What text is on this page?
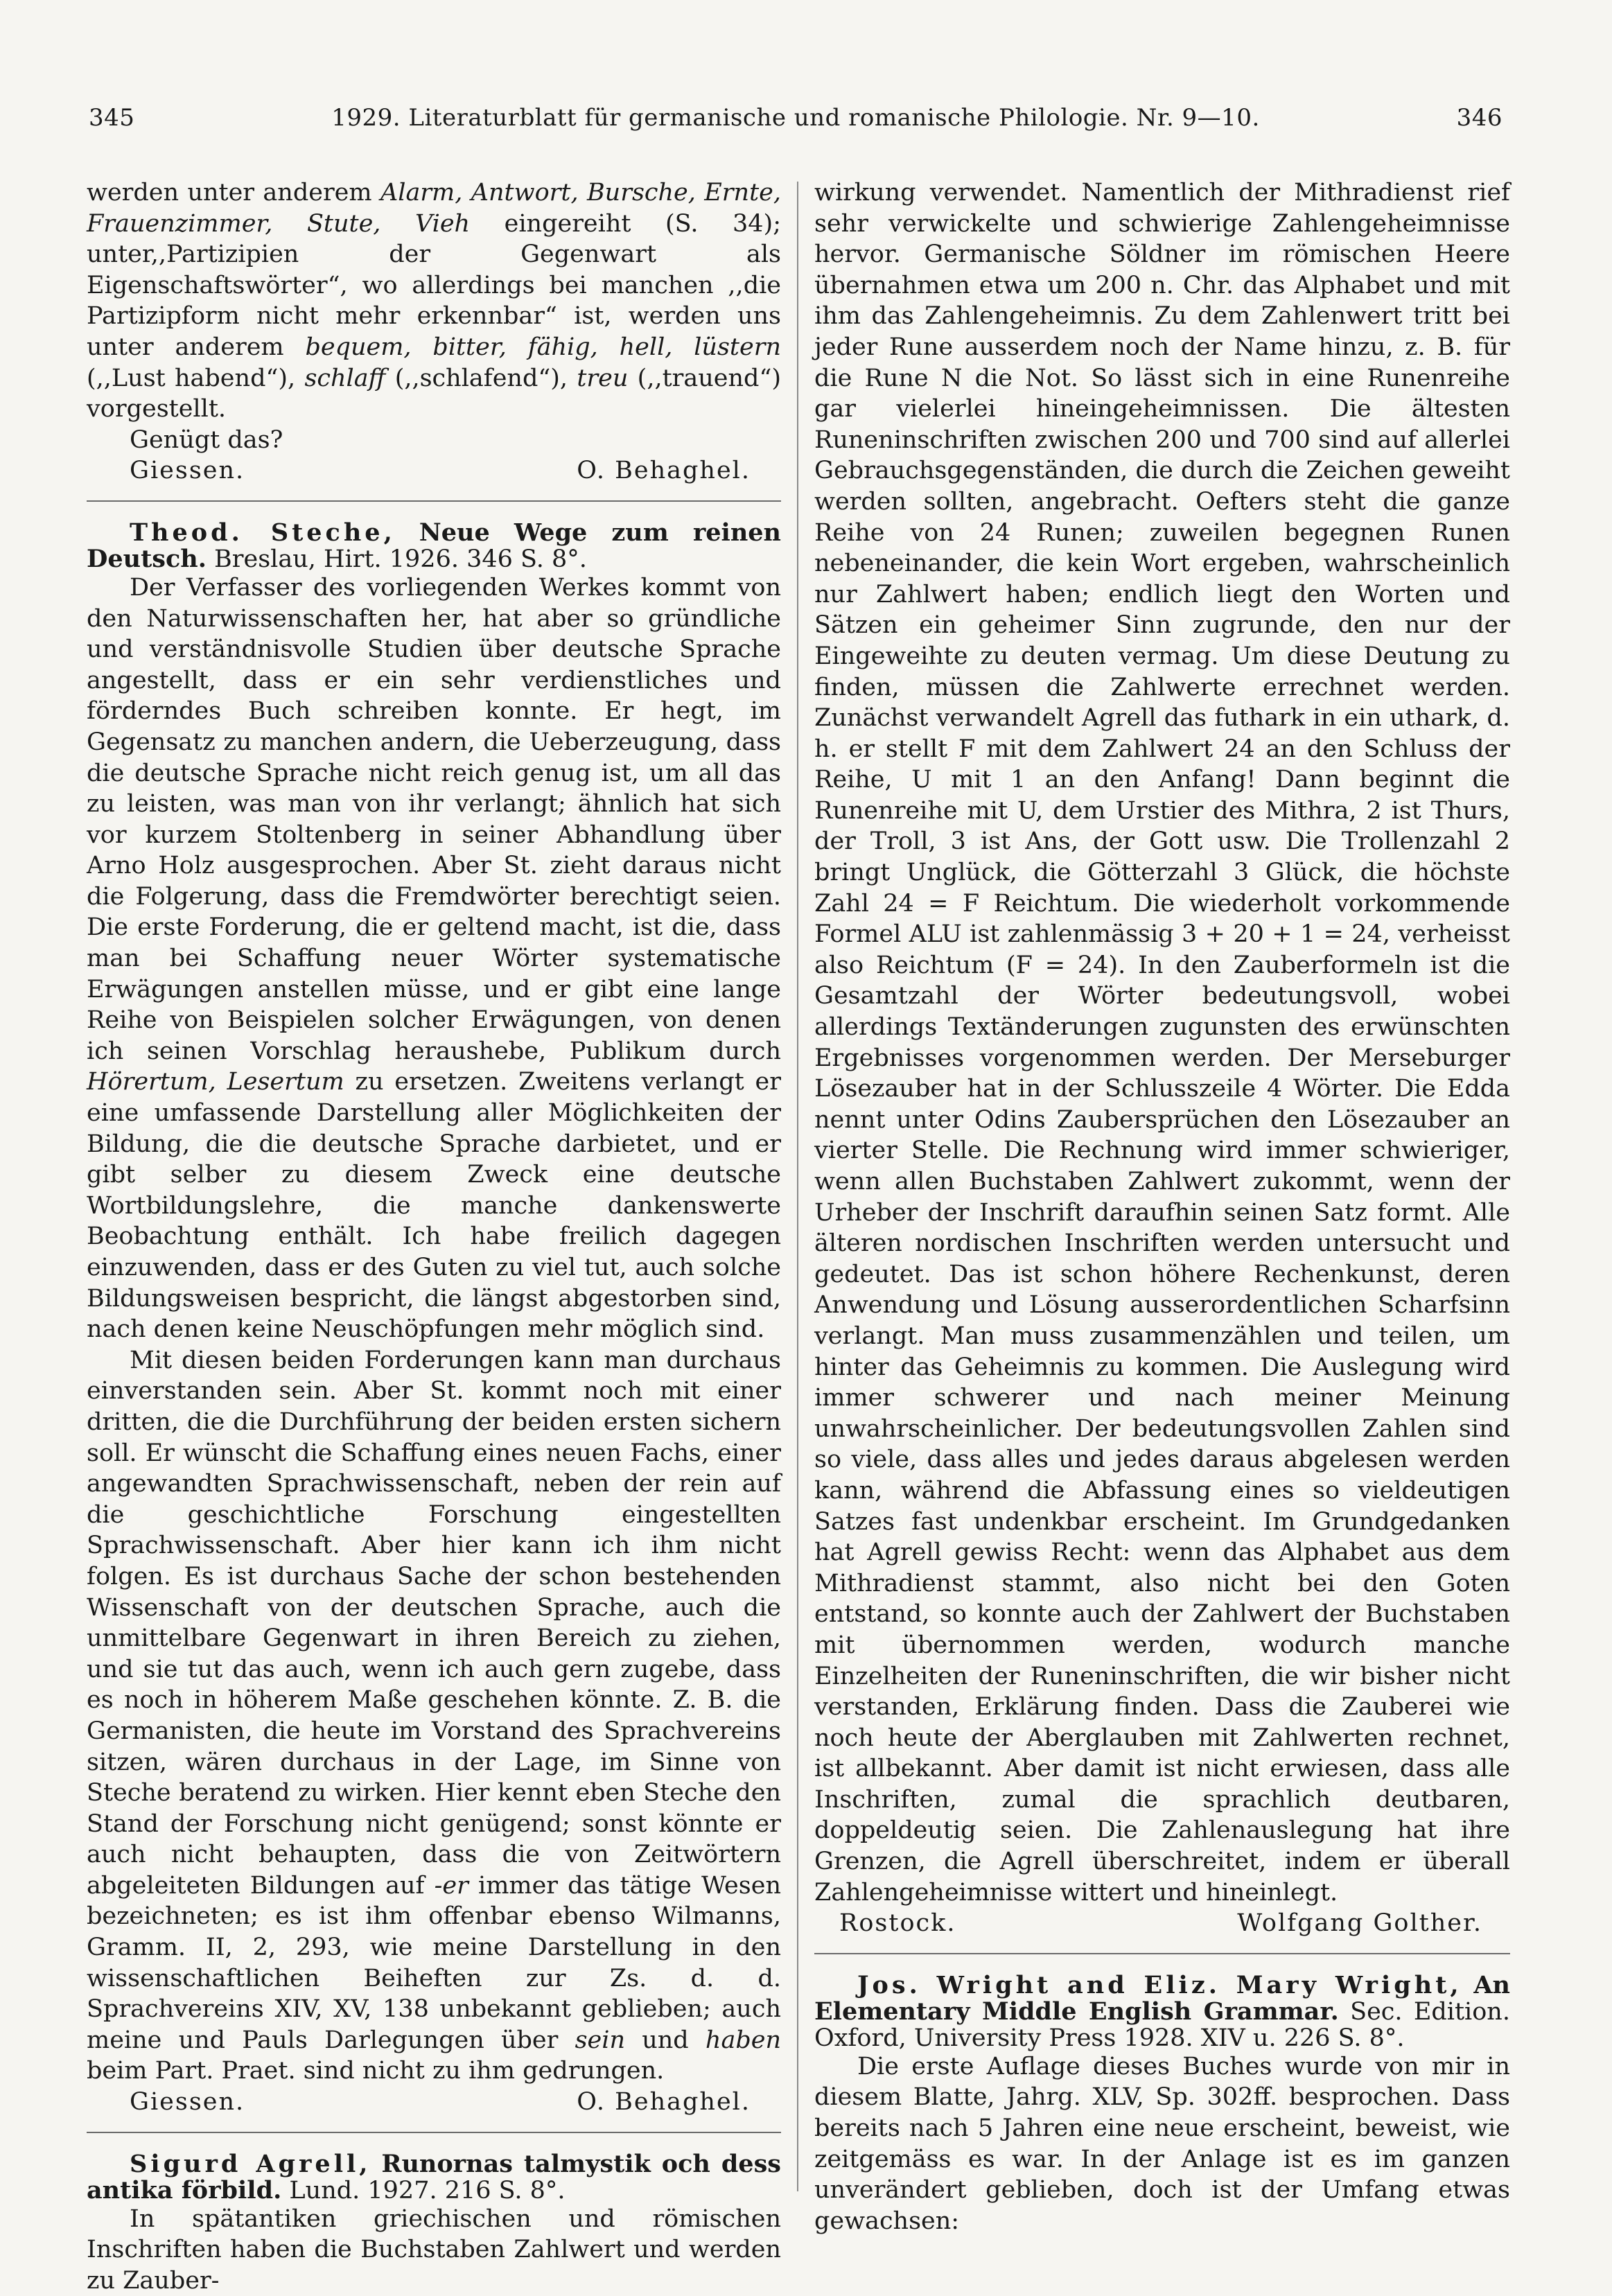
345	1929. Literaturblatt für germanische und romanische Philologie. Nr. 9—10.	346

werden unter anderem Alarm, Antwort, Bursche, Ernte, Frauenzimmer, Stute, Vieh eingereiht (S. 34); unter,,Partizipien der Gegenwart als Eigenschaftswörter“, wo allerdings bei manchen ,,die Partizipform nicht mehr erkennbar“ ist, werden uns unter anderem bequem, bitter, fähig, hell, lüstern (,,Lust habend“), schlaff (,,schlafend“), treu (,,trauend“) vorgestellt.

Genügt das?

Giessen.	O. Behaghel.

Theod. Steche, Neue Wege zum reinen Deutsch. Breslau, Hirt. 1926. 346 S. 8°.

Der Verfasser des vorliegenden Werkes kommt von den Naturwissenschaften her, hat aber so gründliche und verständnisvolle Studien über deutsche Sprache angestellt, dass er ein sehr verdienstliches und förderndes Buch schreiben konnte. Er hegt, im Gegensatz zu manchen andern, die Ueberzeugung, dass die deutsche Sprache nicht reich genug ist, um all das zu leisten, was man von ihr verlangt; ähnlich hat sich vor kurzem Stoltenberg in seiner Abhandlung über Arno Holz ausgesprochen. Aber St. zieht daraus nicht die Folgerung, dass die Fremdwörter berechtigt seien. Die erste Forderung, die er geltend macht, ist die, dass man bei Schaffung neuer Wörter systematische Erwägungen anstellen müsse, und er gibt eine lange Reihe von Beispielen solcher Erwägungen, von denen ich seinen Vorschlag heraushebe, Publikum durch Hörertum, Lesertum zu ersetzen. Zweitens verlangt er eine umfassende Darstellung aller Möglichkeiten der Bildung, die die deutsche Sprache darbietet, und er gibt selber zu diesem Zweck eine deutsche Wortbildungslehre, die manche dankenswerte Beobachtung enthält. Ich habe freilich dagegen einzuwenden, dass er des Guten zu viel tut, auch solche Bildungsweisen bespricht, die längst abgestorben sind, nach denen keine Neuschöpfungen mehr möglich sind.

Mit diesen beiden Forderungen kann man durchaus einverstanden sein. Aber St. kommt noch mit einer dritten, die die Durchführung der beiden ersten sichern soll. Er wünscht die Schaffung eines neuen Fachs, einer angewandten Sprachwissenschaft, neben der rein auf die geschichtliche Forschung eingestellten Sprachwissenschaft. Aber hier kann ich ihm nicht folgen. Es ist durchaus Sache der schon bestehenden Wissenschaft von der deutschen Sprache, auch die unmittelbare Gegenwart in ihren Bereich zu ziehen, und sie tut das auch, wenn ich auch gern zugebe, dass es noch in höherem Maße geschehen könnte. Z. B. die Germanisten, die heute im Vorstand des Sprachvereins sitzen, wären durchaus in der Lage, im Sinne von Steche beratend zu wirken. Hier kennt eben Steche den Stand der Forschung nicht genügend; sonst könnte er auch nicht behaupten, dass die von Zeitwörtern abgeleiteten Bildungen auf -er immer das tätige Wesen bezeichneten; es ist ihm offenbar ebenso Wilmanns, Gramm. II, 2, 293, wie meine Darstellung in den wissenschaftlichen Beiheften zur Zs. d. d. Sprachvereins XIV, XV, 138 unbekannt geblieben; auch meine und Pauls Darlegungen über sein und haben beim Part. Praet. sind nicht zu ihm gedrungen.

Giessen.	O. Behaghel.

Sigurd Agrell, Runornas talmystik och dess antika förbild. Lund. 1927. 216 S. 8°.

In spätantiken griechischen und römischen Inschriften haben die Buchstaben Zahlwert und werden zu Zauber-

wirkung verwendet. Namentlich der Mithradienst rief sehr verwickelte und schwierige Zahlengeheimnisse hervor. Germanische Söldner im römischen Heere übernahmen etwa um 200 n. Chr. das Alphabet und mit ihm das Zahlengeheimnis. Zu dem Zahlenwert tritt bei jeder Rune ausserdem noch der Name hinzu, z. B. für die Rune N die Not. So lässt sich in eine Runenreihe gar vielerlei hineingeheimnissen. Die ältesten Runeninschriften zwischen 200 und 700 sind auf allerlei Gebrauchsgegenständen, die durch die Zeichen geweiht werden sollten, angebracht. Oefters steht die ganze Reihe von 24 Runen; zuweilen begegnen Runen nebeneinander, die kein Wort ergeben, wahrscheinlich nur Zahlwert haben; endlich liegt den Worten und Sätzen ein geheimer Sinn zugrunde, den nur der Eingeweihte zu deuten vermag. Um diese Deutung zu finden, müssen die Zahlwerte errechnet werden. Zunächst verwandelt Agrell das futhark in ein uthark, d. h. er stellt F mit dem Zahlwert 24 an den Schluss der Reihe, U mit 1 an den Anfang! Dann beginnt die Runenreihe mit U, dem Urstier des Mithra, 2 ist Thurs, der Troll, 3 ist Ans, der Gott usw. Die Trollenzahl 2 bringt Unglück, die Götterzahl 3 Glück, die höchste Zahl 24 = F Reichtum. Die wiederholt vorkommende Formel ALU ist zahlenmässig 3 + 20 + 1 = 24, verheisst also Reichtum (F = 24). In den Zauberformeln ist die Gesamtzahl der Wörter bedeutungsvoll, wobei allerdings Textänderungen zugunsten des erwünschten Ergebnisses vorgenommen werden. Der Merseburger Lösezauber hat in der Schlusszeile 4 Wörter. Die Edda nennt unter Odins Zaubersprüchen den Lösezauber an vierter Stelle. Die Rechnung wird immer schwieriger, wenn allen Buchstaben Zahlwert zukommt, wenn der Urheber der Inschrift daraufhin seinen Satz formt. Alle älteren nordischen Inschriften werden untersucht und gedeutet. Das ist schon höhere Rechenkunst, deren Anwendung und Lösung ausserordentlichen Scharfsinn verlangt. Man muss zusammenzählen und teilen, um hinter das Geheimnis zu kommen. Die Auslegung wird immer schwerer und nach meiner Meinung unwahrscheinlicher. Der bedeutungsvollen Zahlen sind so viele, dass alles und jedes daraus abgelesen werden kann, während die Abfassung eines so vieldeutigen Satzes fast undenkbar erscheint. Im Grundgedanken hat Agrell gewiss Recht: wenn das Alphabet aus dem Mithradienst stammt, also nicht bei den Goten entstand, so konnte auch der Zahlwert der Buchstaben mit übernommen werden, wodurch manche Einzelheiten der Runeninschriften, die wir bisher nicht verstanden, Erklärung finden. Dass die Zauberei wie noch heute der Aberglauben mit Zahlwerten rechnet, ist allbekannt. Aber damit ist nicht erwiesen, dass alle Inschriften, zumal die sprachlich deutbaren, doppeldeutig seien. Die Zahlenauslegung hat ihre Grenzen, die Agrell überschreitet, indem er überall Zahlengeheimnisse wittert und hineinlegt.

Rostock.	Wolfgang Golther.

Jos. Wright and Eliz. Mary Wright, An Elementary Middle English Grammar. Sec. Edition. Oxford, University Press 1928. XIV u. 226 S. 8°.

Die erste Auflage dieses Buches wurde von mir in diesem Blatte, Jahrg. XLV, Sp. 302ff. besprochen. Dass bereits nach 5 Jahren eine neue erscheint, beweist, wie zeitgemäss es war. In der Anlage ist es im ganzen unverändert geblieben, doch ist der Umfang etwas gewachsen:
